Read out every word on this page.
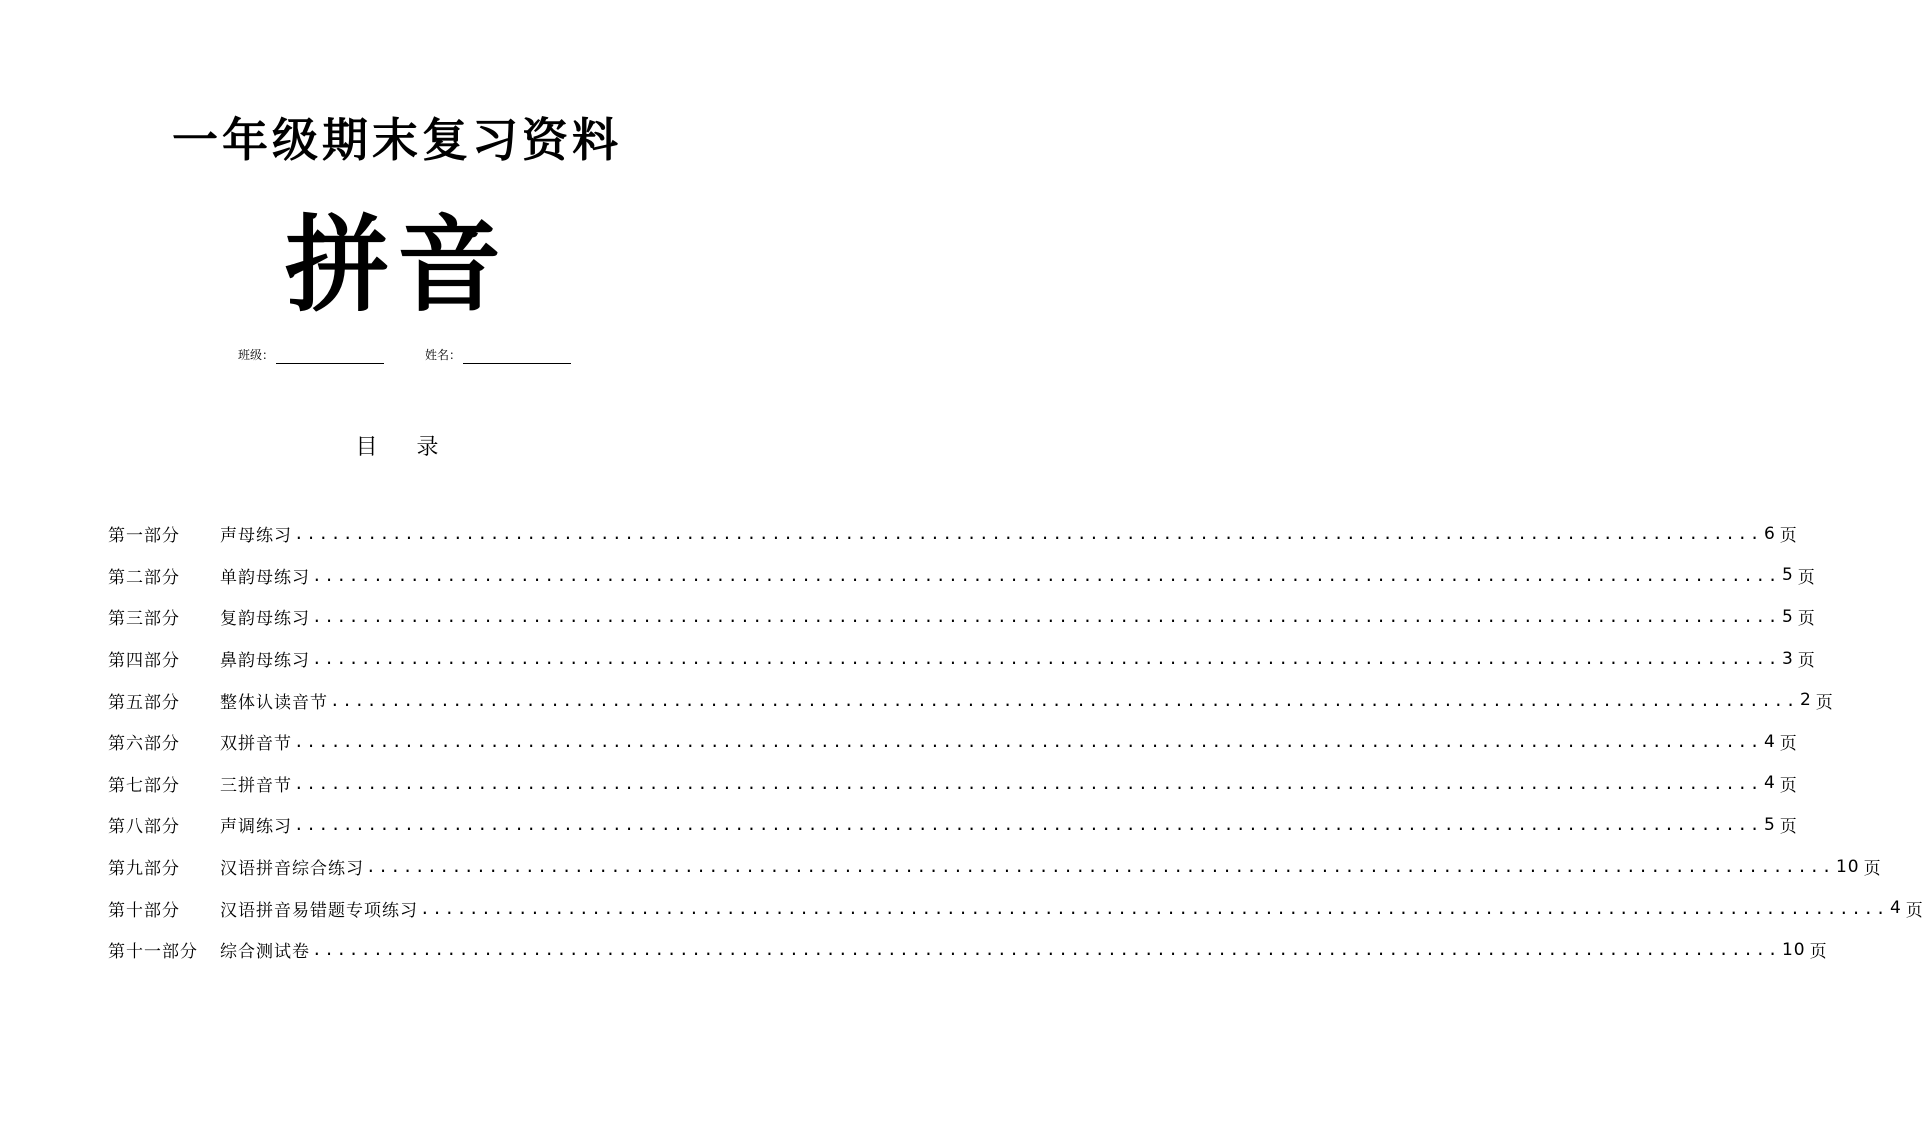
一年级期末复习资料
拼音
班级：	姓名：
目 录
第一部分	声母练习 ........................................................................................................................ 6 页
第二部分	单韵母练习 ........................................................................................................................ 5 页
第三部分	复韵母练习 ........................................................................................................................ 5 页
第四部分	鼻韵母练习 ........................................................................................................................ 3 页
第五部分	整体认读音节 ........................................................................................................................ 2 页
第六部分	双拼音节 ........................................................................................................................ 4 页
第七部分	三拼音节 ........................................................................................................................ 4 页
第八部分	声调练习 ........................................................................................................................ 5 页
第九部分	汉语拼音综合练习 ........................................................................................................................ 10 页
第十部分	汉语拼音易错题专项练习 ........................................................................................................................ 4 页
第十一部分	综合测试卷 ........................................................................................................................ 10 页
